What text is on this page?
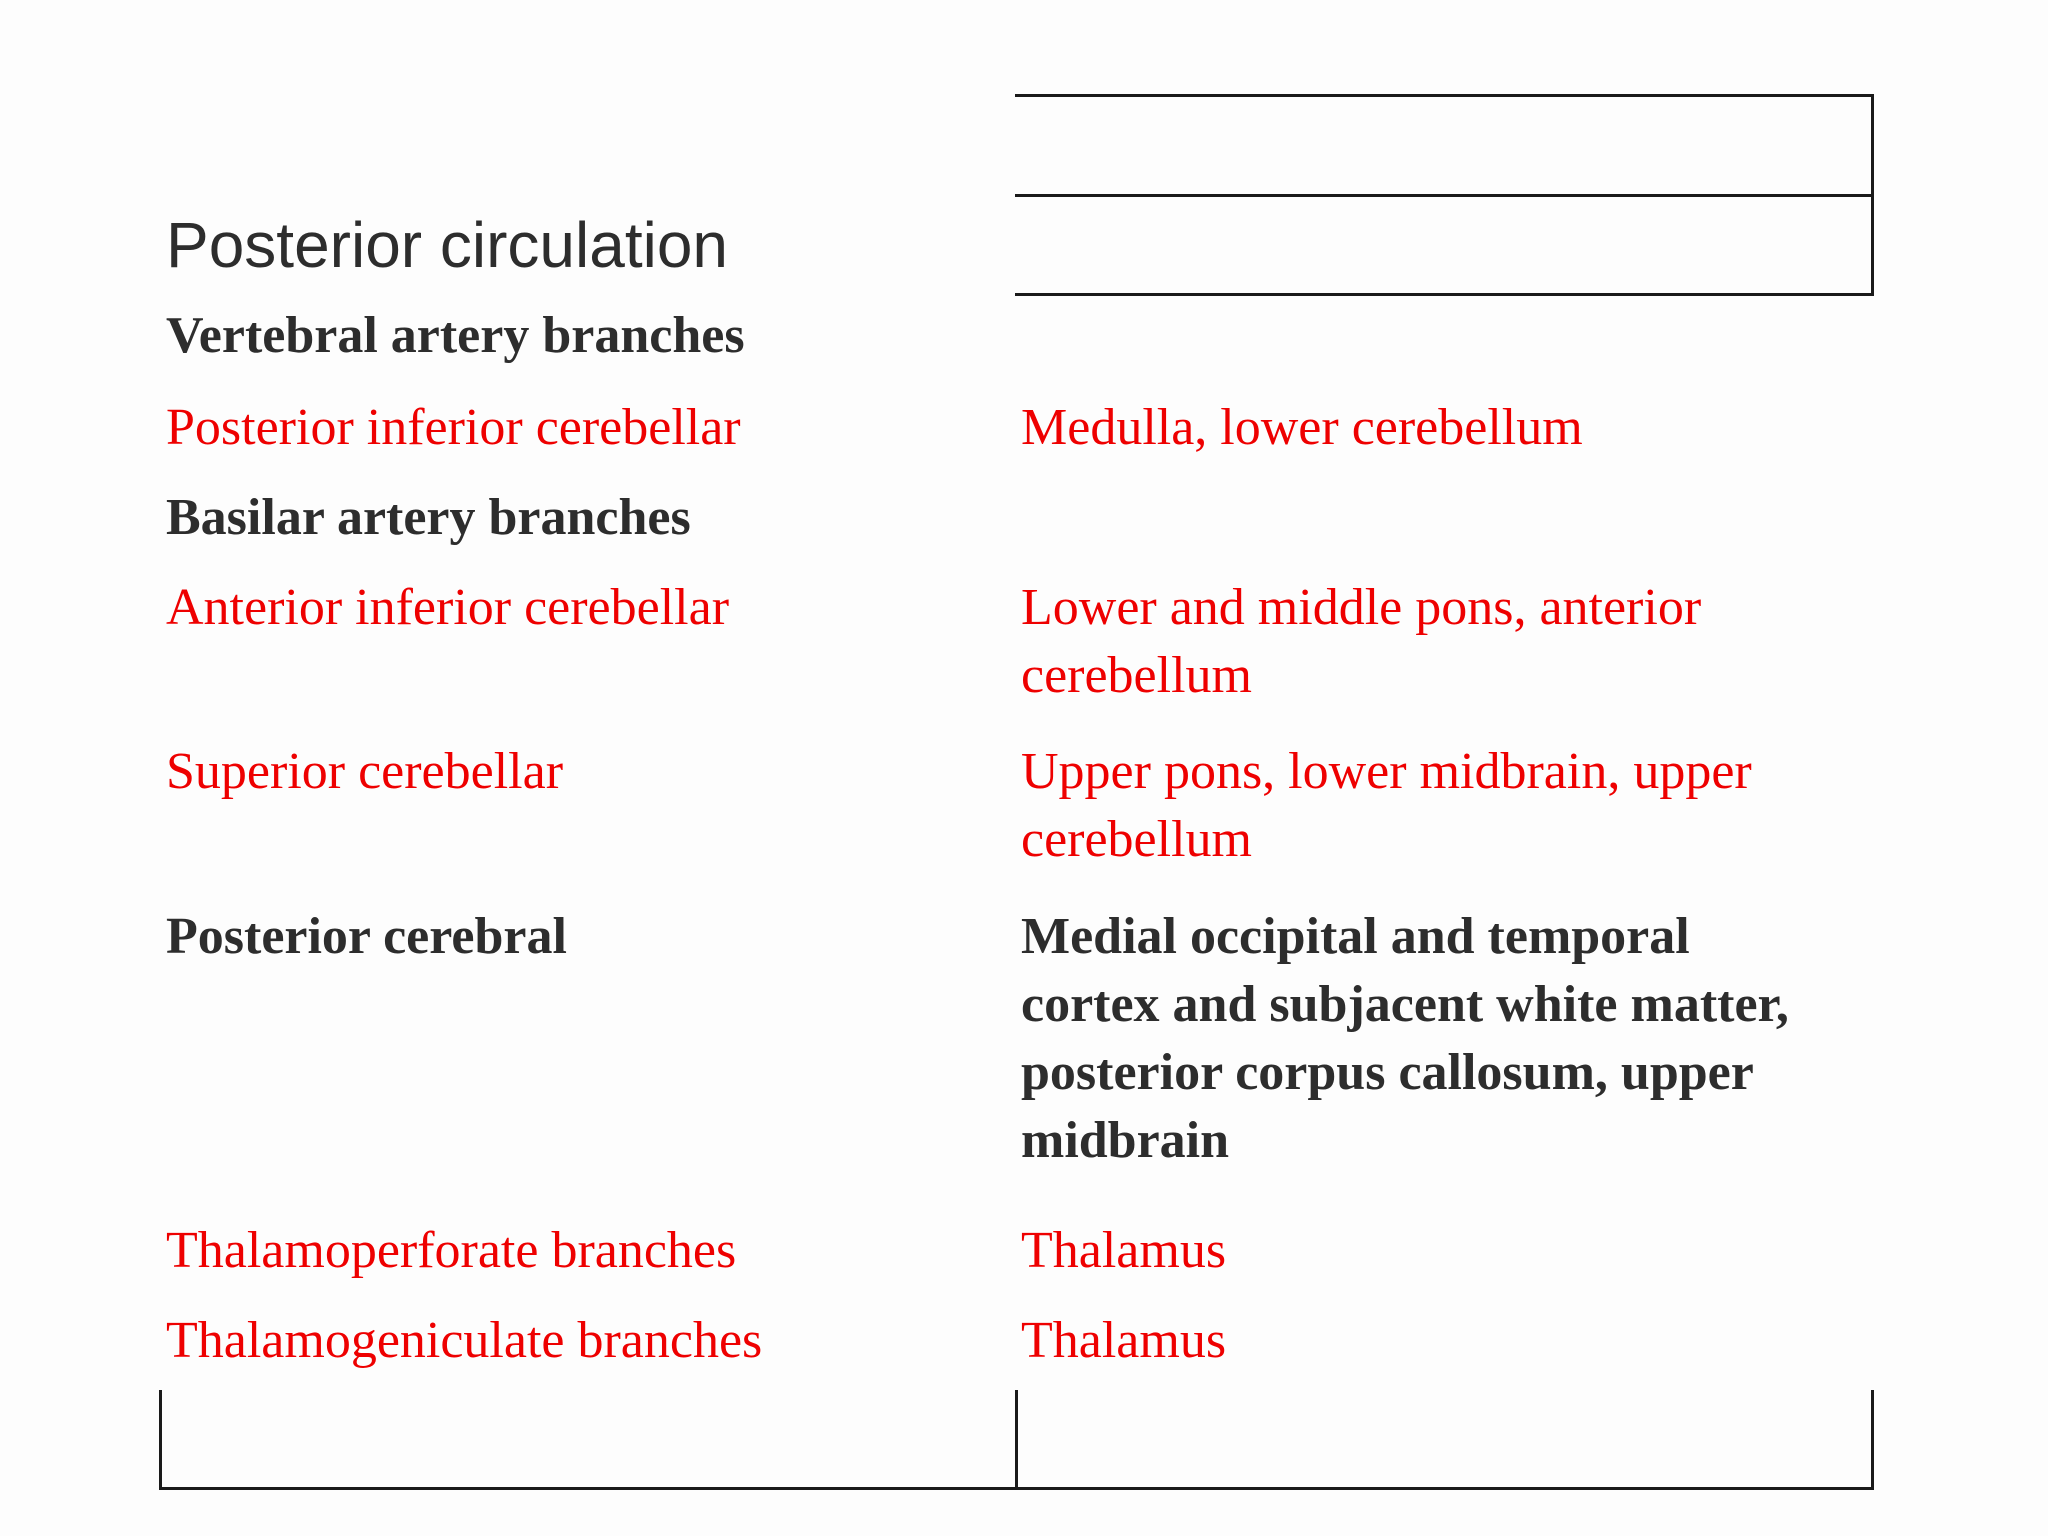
Posterior circulation
Vertebral artery branches
Posterior inferior cerebellar	Medulla, lower cerebellum
Basilar artery branches
Anterior inferior cerebellar	Lower and middle pons, anterior
cerebellum
Superior cerebellar	Upper pons, lower midbrain, upper
cerebellum
Posterior cerebral	Medial occipital and temporal
cortex and subjacent white matter,
posterior corpus callosum, upper
midbrain
Thalamoperforate branches	Thalamus
Thalamogeniculate branches	Thalamus
